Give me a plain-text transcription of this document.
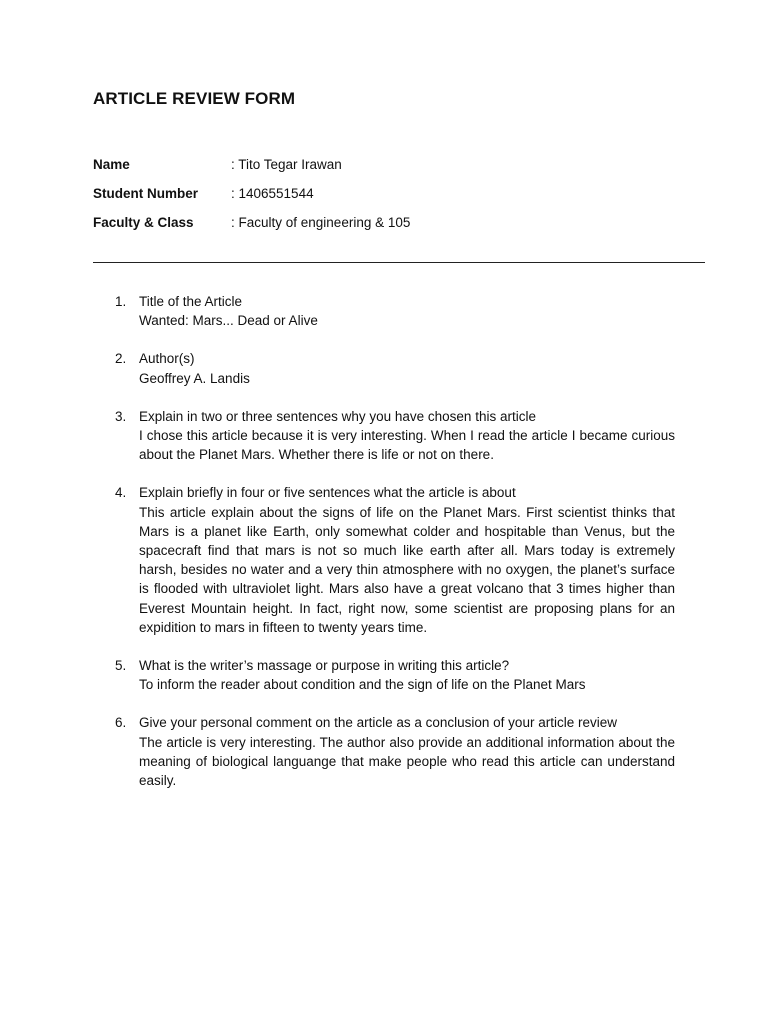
ARTICLE REVIEW FORM
Name	: Tito Tegar Irawan
Student Number	: 1406551544
Faculty & Class	: Faculty of engineering & 105
1. Title of the Article
Wanted: Mars... Dead or Alive
2. Author(s)
Geoffrey A. Landis
3. Explain in two or three sentences why you have chosen this article
I chose this article because it is very interesting. When I read the article I became curious about the Planet Mars. Whether there is life or not on there.
4. Explain briefly in four or five sentences what the article is about
This article explain about the signs of life on the Planet Mars. First scientist thinks that Mars is a planet like Earth, only somewhat colder and hospitable than Venus, but the spacecraft find that mars is not so much like earth after all. Mars today is extremely harsh, besides no water and a very thin atmosphere with no oxygen, the planet’s surface is flooded with ultraviolet light. Mars also have a great volcano that 3 times higher than Everest Mountain height. In fact, right now, some scientist are proposing plans for an expidition to mars in fifteen to twenty years time.
5. What is the writer’s massage or purpose in writing this article?
To inform the reader about condition and the sign of life on the Planet Mars
6. Give your personal comment on the article as a conclusion of your article review
The article is very interesting. The author also provide an additional information about the meaning of biological languange that make people who read this article can understand easily.
